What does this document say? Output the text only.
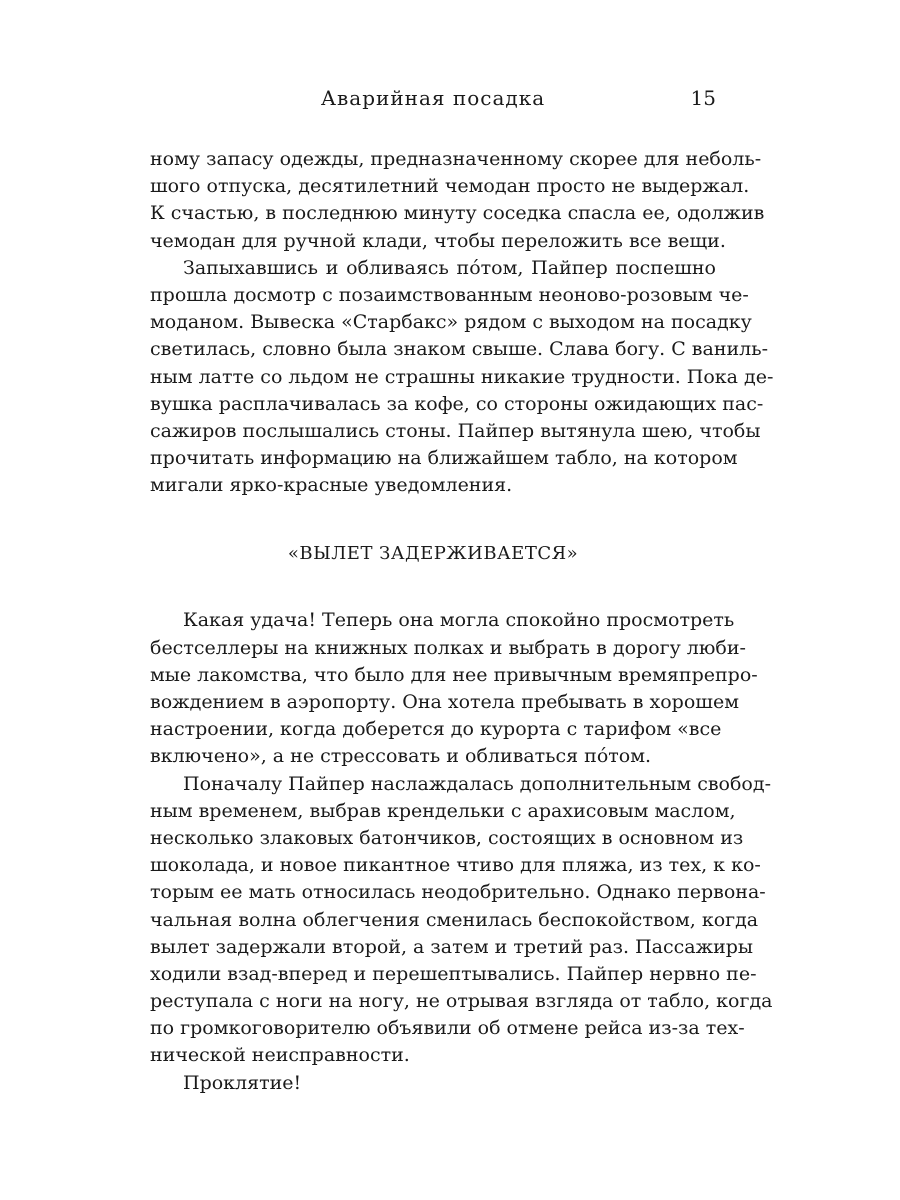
Аварийная посадка	15
ному запасу одежды, предназначенному скорее для неболь-
шого отпуска, десятилетний чемодан просто не выдержал.
К счастью, в последнюю минуту соседка спасла ее, одолжив
чемодан для ручной клади, чтобы переложить все вещи.
Запыхавшись и обливаясь по́том, Пайпер поспешно
прошла досмотр с позаимствованным неоново-розовым че-
моданом. Вывеска «Старбакс» рядом с выходом на посадку
светилась, словно была знаком свыше. Слава богу. С ваниль-
ным латте со льдом не страшны никакие трудности. Пока де-
вушка расплачивалась за кофе, со стороны ожидающих пас-
сажиров послышались стоны. Пайпер вытянула шею, чтобы
прочитать информацию на ближайшем табло, на котором
мигали ярко-красные уведомления.
«ВЫЛЕТ ЗАДЕРЖИВАЕТСЯ»
Какая удача! Теперь она могла спокойно просмотреть
бестселлеры на книжных полках и выбрать в дорогу люби-
мые лакомства, что было для нее привычным времяпрепро-
вождением в аэропорту. Она хотела пребывать в хорошем
настроении, когда доберется до курорта с тарифом «все
включено», а не стрессовать и обливаться по́том.
Поначалу Пайпер наслаждалась дополнительным свобод-
ным временем, выбрав крендельки с арахисовым маслом,
несколько злаковых батончиков, состоящих в основном из
шоколада, и новое пикантное чтиво для пляжа, из тех, к ко-
торым ее мать относилась неодобрительно. Однако первона-
чальная волна облегчения сменилась беспокойством, когда
вылет задержали второй, а затем и третий раз. Пассажиры
ходили взад-вперед и перешептывались. Пайпер нервно пе-
реступала с ноги на ногу, не отрывая взгляда от табло, когда
по громкоговорителю объявили об отмене рейса из-за тех-
нической неисправности.
Проклятие!
